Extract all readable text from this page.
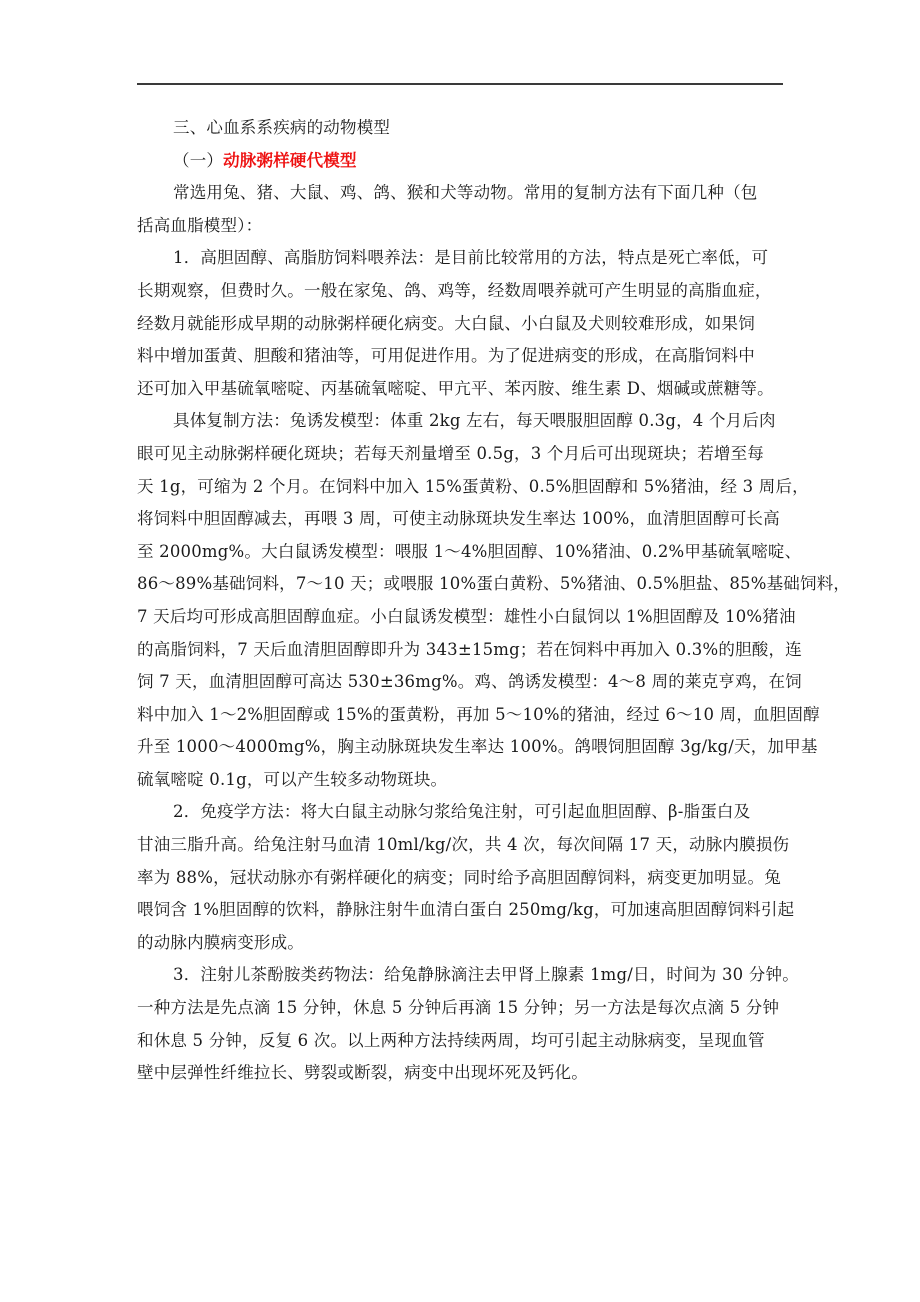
三、心血系系疾病的动物模型
（一）动脉粥样硬代模型
常选用兔、猪、大鼠、鸡、鸽、猴和犬等动物。常用的复制方法有下面几种（包
括高血脂模型）：
1．高胆固醇、高脂肪饲料喂养法：是目前比较常用的方法，特点是死亡率低，可
长期观察，但费时久。一般在家兔、鸽、鸡等，经数周喂养就可产生明显的高脂血症，
经数月就能形成早期的动脉粥样硬化病变。大白鼠、小白鼠及犬则较难形成，如果饲
料中增加蛋黄、胆酸和猪油等，可用促进作用。为了促进病变的形成，在高脂饲料中
还可加入甲基硫氧嘧啶、丙基硫氧嘧啶、甲亢平、苯丙胺、维生素 D、烟碱或蔗糖等。
具体复制方法：兔诱发模型：体重 2kg 左右，每天喂服胆固醇 0.3g，4 个月后肉
眼可见主动脉粥样硬化斑块；若每天剂量增至 0.5g，3 个月后可出现斑块；若增至每
天 1g，可缩为 2 个月。在饲料中加入 15%蛋黄粉、0.5%胆固醇和 5%猪油，经 3 周后，
将饲料中胆固醇减去，再喂 3 周，可使主动脉斑块发生率达 100%，血清胆固醇可长高
至 2000mg%。大白鼠诱发模型：喂服 1～4%胆固醇、10%猪油、0.2%甲基硫氧嘧啶、
86～89%基础饲料，7～10 天；或喂服 10%蛋白黄粉、5%猪油、0.5%胆盐、85%基础饲料，
7 天后均可形成高胆固醇血症。小白鼠诱发模型：雄性小白鼠饲以 1%胆固醇及 10%猪油
的高脂饲料，7 天后血清胆固醇即升为 343±15mg；若在饲料中再加入 0.3%的胆酸，连
饲 7 天，血清胆固醇可高达 530±36mg%。鸡、鸽诱发模型：4～8 周的莱克亨鸡，在饲
料中加入 1～2%胆固醇或 15%的蛋黄粉，再加 5～10%的猪油，经过 6～10 周，血胆固醇
升至 1000～4000mg%，胸主动脉斑块发生率达 100%。鸽喂饲胆固醇 3g/kg/天，加甲基
硫氧嘧啶 0.1g，可以产生较多动物斑块。
2．免疫学方法：将大白鼠主动脉匀浆给兔注射，可引起血胆固醇、β-脂蛋白及
甘油三脂升高。给兔注射马血清 10ml/kg/次，共 4 次，每次间隔 17 天，动脉内膜损伤
率为 88%，冠状动脉亦有粥样硬化的病变；同时给予高胆固醇饲料，病变更加明显。兔
喂饲含 1%胆固醇的饮料，静脉注射牛血清白蛋白 250mg/kg，可加速高胆固醇饲料引起
的动脉内膜病变形成。
3．注射儿茶酚胺类药物法：给兔静脉滴注去甲肾上腺素 1mg/日，时间为 30 分钟。
一种方法是先点滴 15 分钟，休息 5 分钟后再滴 15 分钟；另一方法是每次点滴 5 分钟
和休息 5 分钟，反复 6 次。以上两种方法持续两周，均可引起主动脉病变，呈现血管
壁中层弹性纤维拉长、劈裂或断裂，病变中出现坏死及钙化。
